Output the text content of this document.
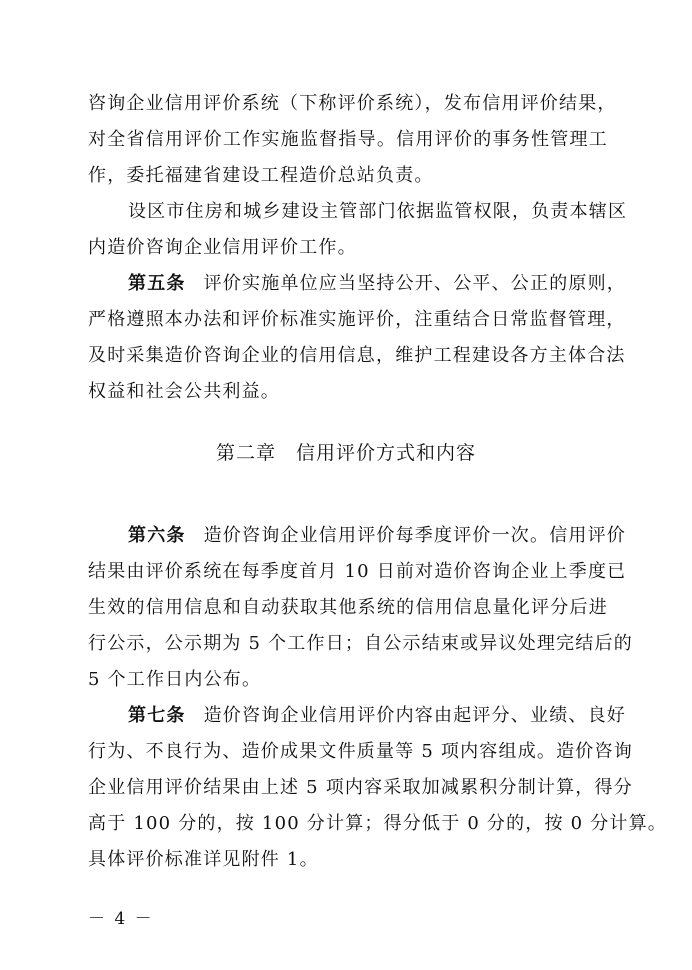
咨询企业信用评价系统（下称评价系统），发布信用评价结果，
对全省信用评价工作实施监督指导。信用评价的事务性管理工
作，委托福建省建设工程造价总站负责。
设区市住房和城乡建设主管部门依据监管权限，负责本辖区
内造价咨询企业信用评价工作。
第五条 评价实施单位应当坚持公开、公平、公正的原则，
严格遵照本办法和评价标准实施评价，注重结合日常监督管理，
及时采集造价咨询企业的信用信息，维护工程建设各方主体合法
权益和社会公共利益。
第六条 造价咨询企业信用评价每季度评价一次。信用评价
结果由评价系统在每季度首月 10 日前对造价咨询企业上季度已
生效的信用信息和自动获取其他系统的信用信息量化评分后进
行公示，公示期为 5 个工作日；自公示结束或异议处理完结后的
5 个工作日内公布。
第七条 造价咨询企业信用评价内容由起评分、业绩、良好
行为、不良行为、造价成果文件质量等 5 项内容组成。造价咨询
企业信用评价结果由上述 5 项内容采取加减累积分制计算，得分
高于 100 分的，按 100 分计算；得分低于 0 分的，按 0 分计算。
具体评价标准详见附件 1。
第二章 信用评价方式和内容
－ 4 －
